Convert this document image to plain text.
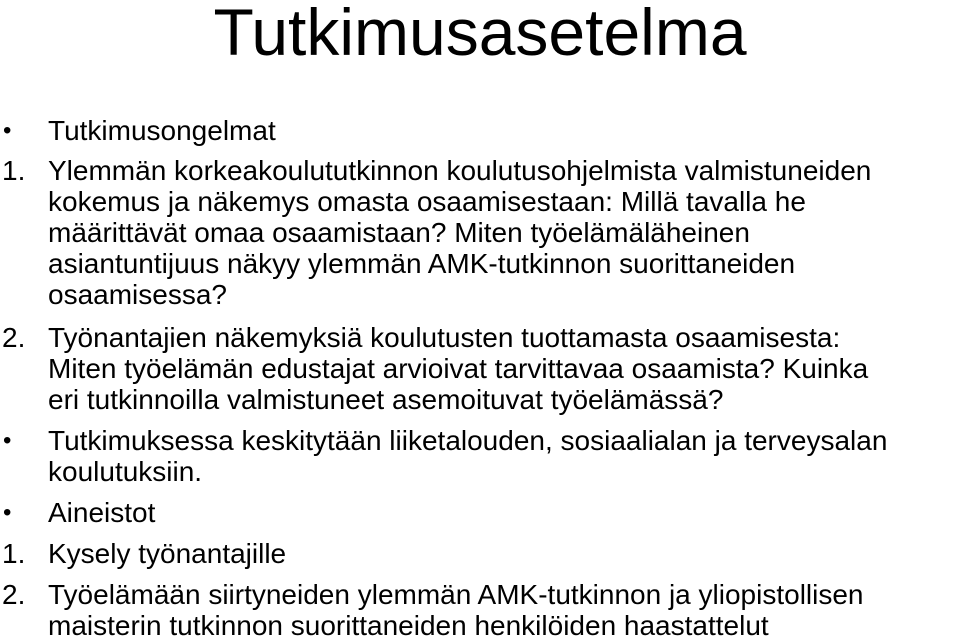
Tutkimusasetelma
• Tutkimusongelmat
1. Ylemmän korkeakoulututkinnon koulutusohjelmista valmistuneiden
kokemus ja näkemys omasta osaamisestaan: Millä tavalla he
määrittävät omaa osaamistaan? Miten työelämäläheinen
asiantuntijuus näkyy ylemmän AMK-tutkinnon suorittaneiden
osaamisessa?
2. Työnantajien näkemyksiä koulutusten tuottamasta osaamisesta:
Miten työelämän edustajat arvioivat tarvittavaa osaamista? Kuinka
eri tutkinnoilla valmistuneet asemoituvat työelämässä?
• Tutkimuksessa keskitytään liiketalouden, sosiaalialan ja terveysalan
koulutuksiin.
• Aineistot
1. Kysely työnantajille
2. Työelämään siirtyneiden ylemmän AMK-tutkinnon ja yliopistollisen
maisterin tutkinnon suorittaneiden henkilöiden haastattelut
